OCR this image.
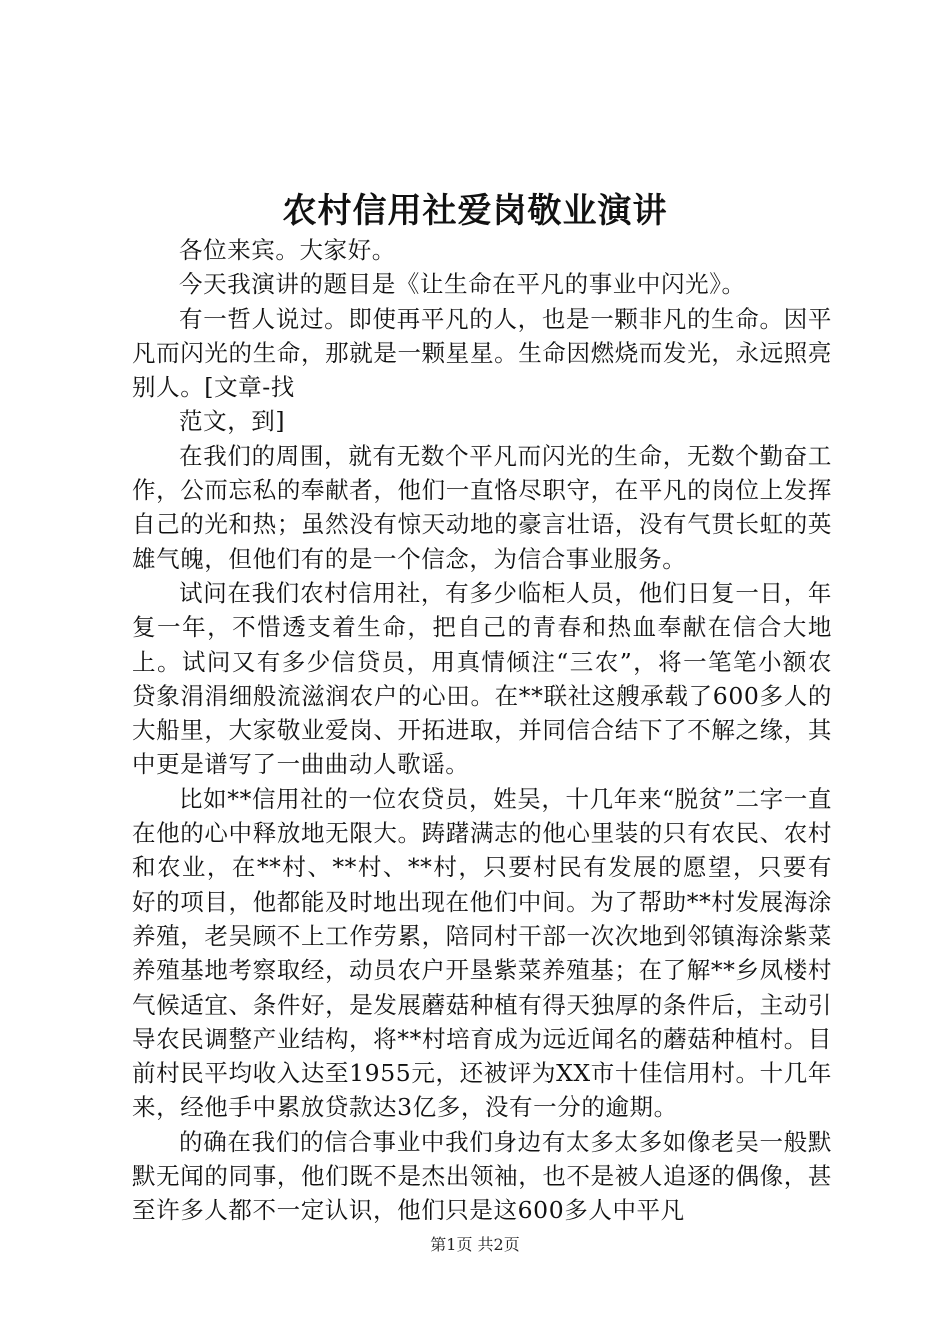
农村信用社爱岗敬业演讲

各位来宾。大家好。

今天我演讲的题目是《让生命在平凡的事业中闪光》。

有一哲人说过。即使再平凡的人，也是一颗非凡的生命。因平凡而闪光的生命，那就是一颗星星。生命因燃烧而发光，永远照亮别人。[文章-找

范文，到]

在我们的周围，就有无数个平凡而闪光的生命，无数个勤奋工作，公而忘私的奉献者，他们一直恪尽职守，在平凡的岗位上发挥自己的光和热；虽然没有惊天动地的豪言壮语，没有气贯长虹的英雄气魄，但他们有的是一个信念，为信合事业服务。

试问在我们农村信用社，有多少临柜人员，他们日复一日，年复一年，不惜透支着生命，把自己的青春和热血奉献在信合大地上。试问又有多少信贷员，用真情倾注“三农”，将一笔笔小额农贷象涓涓细般流滋润农户的心田。在**联社这艘承载了600多人的大船里，大家敬业爱岗、开拓进取，并同信合结下了不解之缘，其中更是谱写了一曲曲动人歌谣。

比如**信用社的一位农贷员，姓吴，十几年来“脱贫”二字一直在他的心中释放地无限大。踌躇满志的他心里装的只有农民、农村和农业，在**村、**村、**村，只要村民有发展的愿望，只要有好的项目，他都能及时地出现在他们中间。为了帮助**村发展海涂养殖，老吴顾不上工作劳累，陪同村干部一次次地到邻镇海涂紫菜养殖基地考察取经，动员农户开垦紫菜养殖基；在了解**乡凤楼村气候适宜、条件好，是发展蘑菇种植有得天独厚的条件后，主动引导农民调整产业结构，将**村培育成为远近闻名的蘑菇种植村。目前村民平均收入达至1955元，还被评为XX市十佳信用村。十几年来，经他手中累放贷款达3亿多，没有一分的逾期。

的确在我们的信合事业中我们身边有太多太多如像老吴一般默默无闻的同事，他们既不是杰出领袖，也不是被人追逐的偶像，甚至许多人都不一定认识，他们只是这600多人中平凡

第1页 共2页
